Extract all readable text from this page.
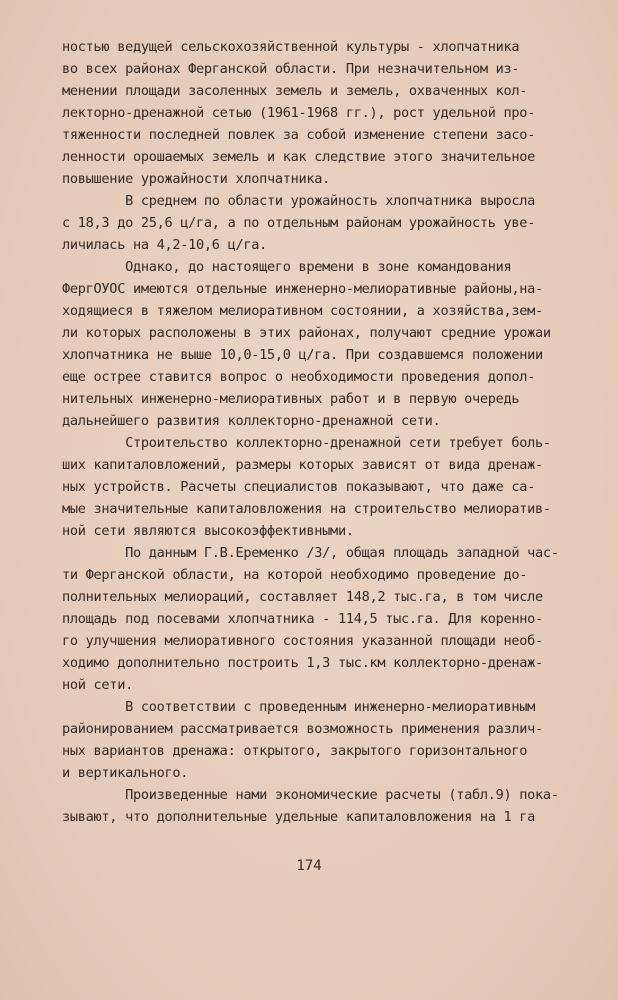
ностью ведущей сельскохозяйственной культуры - хлопчатника
во всех районах Ферганской области. При незначительном из-
менении площади засоленных земель и земель, охваченных кол-
лекторно-дренажной сетью (1961-1968 гг.), рост удельной про-
тяженности последней повлек за собой изменение степени засо-
ленности орошаемых земель и как следствие этого значительное
повышение урожайности хлопчатника.
В среднем по области урожайность хлопчатника выросла
с 18,3 до 25,6 ц/га, а по отдельным районам урожайность уве-
личилась на 4,2-10,6 ц/га.
Однако, до настоящего времени в зоне командования
ФергОУОС имеются отдельные инженерно-мелиоративные районы,на-
ходящиеся в тяжелом мелиоративном состоянии, а хозяйства,зем-
ли которых расположены в этих районах, получают средние урожаи
хлопчатника не выше 10,0-15,0 ц/га. При создавшемся положении
еще острее ставится вопрос о необходимости проведения допол-
нительных инженерно-мелиоративных работ и в первую очередь
дальнейшего развития коллекторно-дренажной сети.
Строительство коллекторно-дренажной сети требует боль-
ших капиталовложений, размеры которых зависят от вида дренаж-
ных устройств. Расчеты специалистов показывают, что даже са-
мые значительные капиталовложения на строительство мелиоратив-
ной сети являются высокоэффективными.
По данным Г.В.Еременко /3/, общая площадь западной час-
ти Ферганской области, на которой необходимо проведение до-
полнительных мелиораций, составляет 148,2 тыс.га, в том числе
площадь под посевами хлопчатника - 114,5 тыс.га. Для коренно-
го улучшения мелиоративного состояния указанной площади необ-
ходимо дополнительно построить 1,3 тыс.км коллекторно-дренаж-
ной сети.
В соответствии с проведенным инженерно-мелиоративным
районированием рассматривается возможность применения различ-
ных вариантов дренажа: открытого, закрытого горизонтального
и вертикального.
Произведенные нами экономические расчеты (табл.9) пока-
зывают, что дополнительные удельные капиталовложения на 1 га
174
